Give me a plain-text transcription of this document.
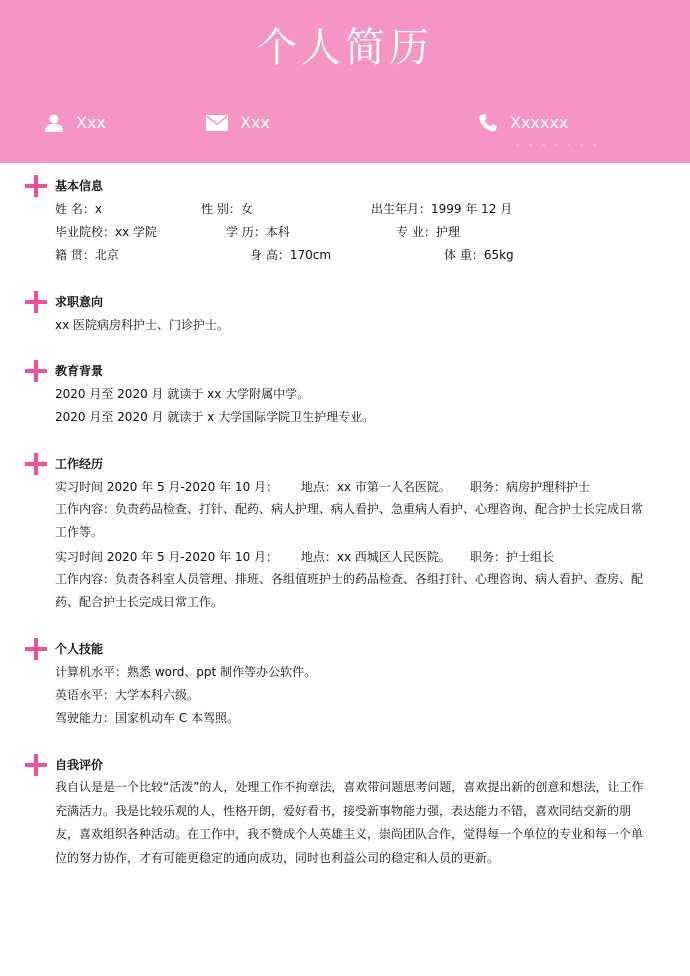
个人简历
Xxx	Xxx	Xxxxxx
- - - - - - -
基本信息
姓 名：x	性 别：女	出生年月：1999 年 12 月
毕业院校：xx 学院	学 历：本科	专 业：护理
籍 贯：北京	身 高：170cm	体 重：65kg
求职意向
xx 医院病房科护士、门诊护士。
教育背景
2020 月至 2020 月 就读于 xx 大学附属中学。
2020 月至 2020 月 就读于 x 大学国际学院卫生护理专业。
工作经历
实习时间 2020 年 5 月-2020 年 10 月：      地点：xx 市第一人名医院。     职务：病房护理科护士
工作内容：负责药品检查、打针、配药、病人护理、病人看护、急重病人看护、心理咨询、配合护士长完成日常工作等。
实习时间 2020 年 5 月-2020 年 10 月：      地点：xx 西城区人民医院。     职务：护士组长
工作内容：负责各科室人员管理、排班、各组值班护士的药品检查、各组打针、心理咨询、病人看护、查房、配药、配合护士长完成日常工作。
个人技能
计算机水平：熟悉 word、ppt 制作等办公软件。
英语水平：大学本科六级。
驾驶能力：国家机动车 C 本驾照。
自我评价
我自认是是一个比较“活泼”的人，处理工作不拘章法，喜欢带问题思考问题，喜欢提出新的创意和想法，让工作充满活力。我是比较乐观的人，性格开朗，爱好看书，接受新事物能力强，表达能力不错，喜欢同结交新的朋友，喜欢组织各种活动。在工作中，我不赞成个人英雄主义，崇尚团队合作，觉得每一个单位的专业和每一个单位的努力协作，才有可能更稳定的通向成功，同时也利益公司的稳定和人员的更新。
